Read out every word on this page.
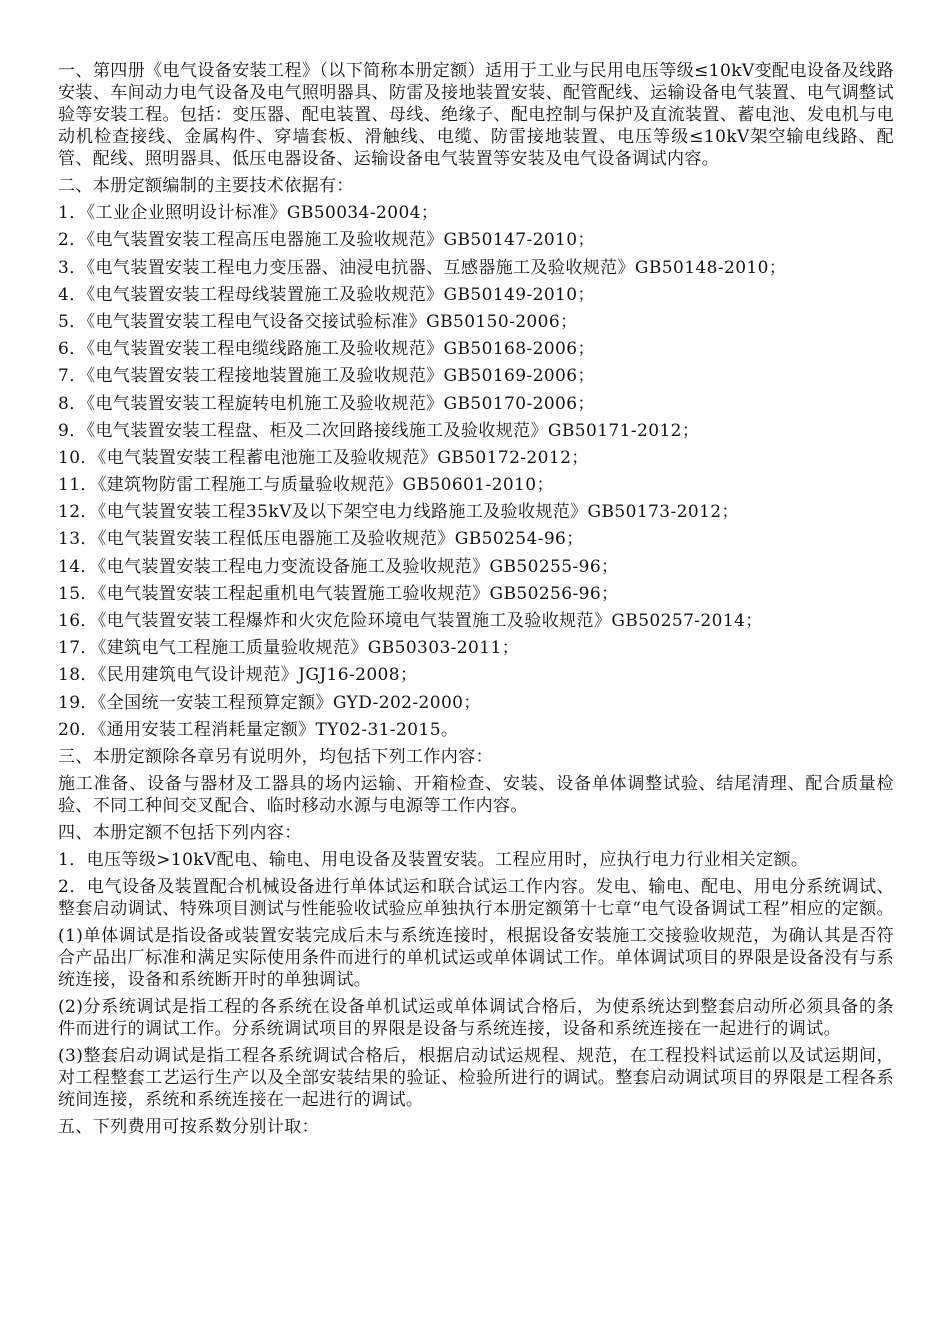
一、第四册《电气设备安装工程》（以下简称本册定额）适用于工业与民用电压等级≤10kV变配电设备及线路安装、车间动力电气设备及电气照明器具、防雷及接地装置安装、配管配线、运输设备电气装置、电气调整试验等安装工程。包括：变压器、配电装置、母线、绝缘子、配电控制与保护及直流装置、蓄电池、发电机与电动机检查接线、金属构件、穿墙套板、滑触线、电缆、防雷接地装置、电压等级≤10kV架空输电线路、配管、配线、照明器具、低压电器设备、运输设备电气装置等安装及电气设备调试内容。

二、本册定额编制的主要技术依据有：

1．《工业企业照明设计标准》GB50034-2004；

2．《电气装置安装工程高压电器施工及验收规范》GB50147-2010；

3．《电气装置安装工程电力变压器、油浸电抗器、互感器施工及验收规范》GB50148-2010；

4．《电气装置安装工程母线装置施工及验收规范》GB50149-2010；

5．《电气装置安装工程电气设备交接试验标准》GB50150-2006；

6．《电气装置安装工程电缆线路施工及验收规范》GB50168-2006；

7．《电气装置安装工程接地装置施工及验收规范》GB50169-2006；

8．《电气装置安装工程旋转电机施工及验收规范》GB50170-2006；

9．《电气装置安装工程盘、柜及二次回路接线施工及验收规范》GB50171-2012；

10．《电气装置安装工程蓄电池施工及验收规范》GB50172-2012；

11．《建筑物防雷工程施工与质量验收规范》GB50601-2010；

12．《电气装置安装工程35kV及以下架空电力线路施工及验收规范》GB50173-2012；

13．《电气装置安装工程低压电器施工及验收规范》GB50254-96；

14．《电气装置安装工程电力变流设备施工及验收规范》GB50255-96；

15．《电气装置安装工程起重机电气装置施工验收规范》GB50256-96；

16．《电气装置安装工程爆炸和火灾危险环境电气装置施工及验收规范》GB50257-2014；

17．《建筑电气工程施工质量验收规范》GB50303-2011；

18．《民用建筑电气设计规范》JGJ16-2008；

19．《全国统一安装工程预算定额》GYD-202-2000；

20．《通用安装工程消耗量定额》TY02-31-2015。

三、本册定额除各章另有说明外，均包括下列工作内容：

施工准备、设备与器材及工器具的场内运输、开箱检查、安装、设备单体调整试验、结尾清理、配合质量检验、不同工种间交叉配合、临时移动水源与电源等工作内容。

四、本册定额不包括下列内容：

1．电压等级>10kV配电、输电、用电设备及装置安装。工程应用时，应执行电力行业相关定额。

2．电气设备及装置配合机械设备进行单体试运和联合试运工作内容。发电、输电、配电、用电分系统调试、整套启动调试、特殊项目测试与性能验收试验应单独执行本册定额第十七章“电气设备调试工程”相应的定额。

(1)单体调试是指设备或装置安装完成后未与系统连接时，根据设备安装施工交接验收规范，为确认其是否符合产品出厂标准和满足实际使用条件而进行的单机试运或单体调试工作。单体调试项目的界限是设备没有与系统连接，设备和系统断开时的单独调试。

(2)分系统调试是指工程的各系统在设备单机试运或单体调试合格后，为使系统达到整套启动所必须具备的条件而进行的调试工作。分系统调试项目的界限是设备与系统连接，设备和系统连接在一起进行的调试。

(3)整套启动调试是指工程各系统调试合格后，根据启动试运规程、规范，在工程投料试运前以及试运期间，对工程整套工艺运行生产以及全部安装结果的验证、检验所进行的调试。整套启动调试项目的界限是工程各系统间连接，系统和系统连接在一起进行的调试。

五、下列费用可按系数分别计取：
